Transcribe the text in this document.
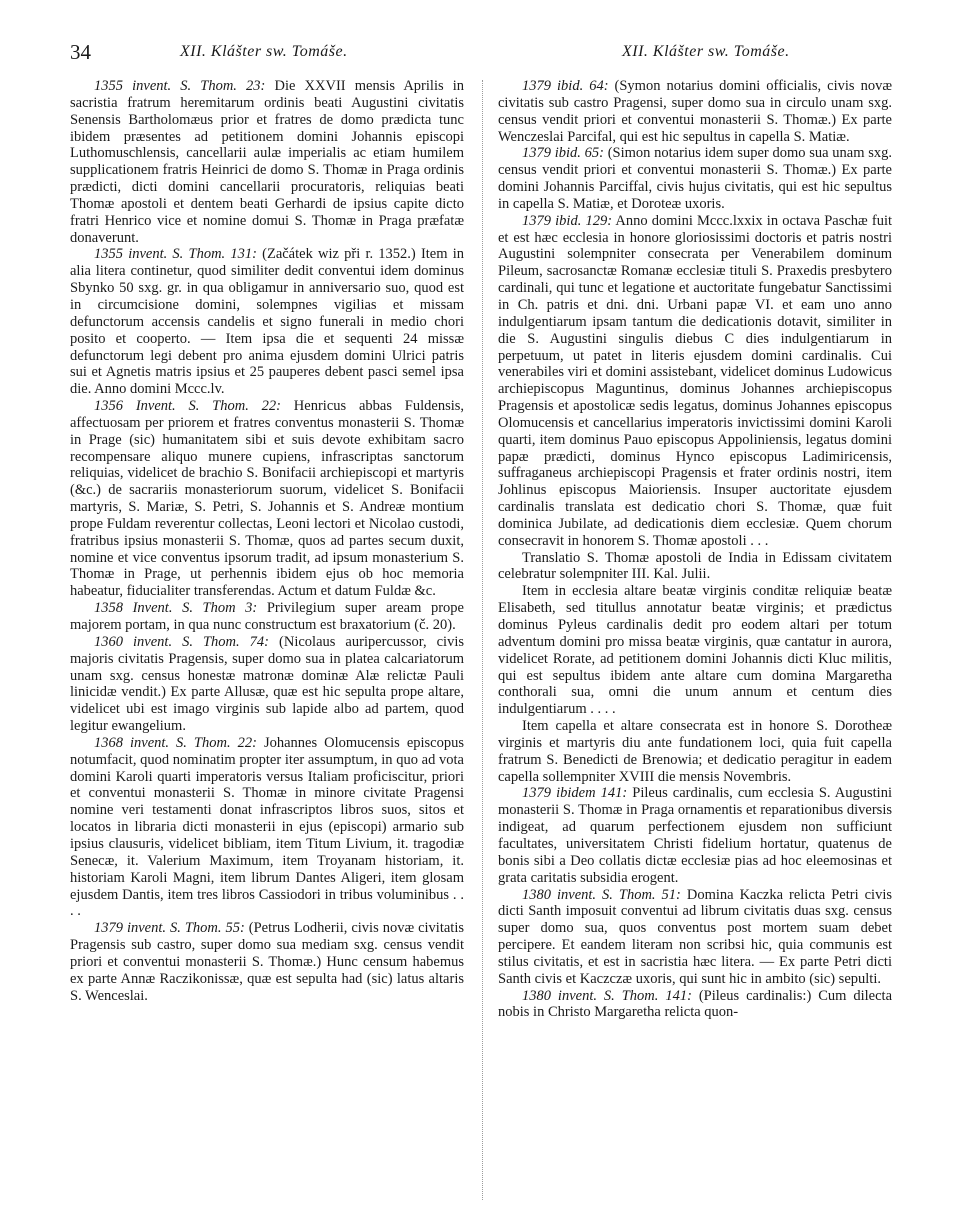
34	XII. Klášter sw. Tomáše.	XII. Klášter sw. Tomáše.

1355 invent. S. Thom. 23: Die XXVII mensis Aprilis in sacristia fratrum heremitarum ordinis beati Augustini civitatis Senensis Bartholomæus prior et fratres de domo prædicta tunc ibidem præsentes ad petitionem domini Johannis episcopi Luthomuschlensis, cancellarii aulæ imperialis ac etiam humilem supplicationem fratris Heinrici de domo S. Thomæ in Praga ordinis prædicti, dicti domini cancellarii procuratoris, reliquias beati Thomæ apostoli et dentem beati Gerhardi de ipsius capite dicto fratri Henrico vice et nomine domui S. Thomæ in Praga præfatæ donaverunt.

1355 invent. S. Thom. 131: (Začátek wiz při r. 1352.) Item in alia litera continetur, quod similiter dedit conventui idem dominus Sbynko 50 sxg. gr. in qua obligamur in anniversario suo, quod est in circumcisione domini, solempnes vigilias et missam defunctorum accensis candelis et signo funerali in medio chori posito et cooperto. — Item ipsa die et sequenti 24 missæ defunctorum legi debent pro anima ejusdem domini Ulrici patris sui et Agnetis matris ipsius et 25 pauperes debent pasci semel ipsa die. Anno domini Mccc.lv.

1356 Invent. S. Thom. 22: Henricus abbas Fuldensis, affectuosam per priorem et fratres conventus monasterii S. Thomæ in Prage (sic) humanitatem sibi et suis devote exhibitam sacro recompensare aliquo munere cupiens, infrascriptas sanctorum reliquias, videlicet de brachio S. Bonifacii archiepiscopi et martyris (&c.) de sacrariis monasteriorum suorum, videlicet S. Bonifacii martyris, S. Mariæ, S. Petri, S. Johannis et S. Andreæ montium prope Fuldam reverentur collectas, Leoni lectori et Nicolao custodi, fratribus ipsius monasterii S. Thomæ, quos ad partes secum duxit, nomine et vice conventus ipsorum tradit, ad ipsum monasterium S. Thomæ in Prage, ut perhennis ibidem ejus ob hoc memoria habeatur, fiducialiter transferendas. Actum et datum Fuldæ &c.

1358 Invent. S. Thom 3: Privilegium super aream prope majorem portam, in qua nunc constructum est braxatorium (č. 20).

1360 invent. S. Thom. 74: (Nicolaus auripercussor, civis majoris civitatis Pragensis, super domo sua in platea calcariatorum unam sxg. census honestæ matronæ dominæ Alæ relictæ Pauli linicidæ vendit.) Ex parte Allusæ, quæ est hic sepulta prope altare, videlicet ubi est imago virginis sub lapide albo ad partem, quod legitur ewangelium.

1368 invent. S. Thom. 22: Johannes Olomucensis episcopus notumfacit, quod nominatim propter iter assumptum, in quo ad vota domini Karoli quarti imperatoris versus Italiam proficiscitur, priori et conventui monasterii S. Thomæ in minore civitate Pragensi nomine veri testamenti donat infrascriptos libros suos, sitos et locatos in libraria dicti monasterii in ejus (episcopi) armario sub ipsius clausuris, videlicet bibliam, item Titum Livium, it. tragodiæ Senecæ, it. Valerium Maximum, item Troyanam historiam, it. historiam Karoli Magni, item librum Dantes Aligeri, item glosam ejusdem Dantis, item tres libros Cassiodori in tribus voluminibus . . . .

1379 invent. S. Thom. 55: (Petrus Lodherii, civis novæ civitatis Pragensis sub castro, super domo sua mediam sxg. census vendit priori et conventui monasterii S. Thomæ.) Hunc censum habemus ex parte Annæ Raczikonissæ, quæ est sepulta had (sic) latus altaris S. Wenceslai.

1379 ibid. 64: (Symon notarius domini officialis, civis novæ civitatis sub castro Pragensi, super domo sua in circulo unam sxg. census vendit priori et conventui monasterii S. Thomæ.) Ex parte Wenczeslai Parcifal, qui est hic sepultus in capella S. Matiæ.

1379 ibid. 65: (Simon notarius idem super domo sua unam sxg. census vendit priori et conventui monasterii S. Thomæ.) Ex parte domini Johannis Parciffal, civis hujus civitatis, qui est hic sepultus in capella S. Matiæ, et Doroteæ uxoris.

1379 ibid. 129: Anno domini Mccc.lxxix in octava Paschæ fuit et est hæc ecclesia in honore gloriosissimi doctoris et patris nostri Augustini solempniter consecrata per Venerabilem dominum Pileum, sacrosanctæ Romanæ ecclesiæ tituli S. Praxedis presbytero cardinali, qui tunc et legatione et auctoritate fungebatur Sanctissimi in Ch. patris et dni. dni. Urbani papæ VI. et eam uno anno indulgentiarum ipsam tantum die dedicationis dotavit, similiter in die S. Augustini singulis diebus C dies indulgentiarum in perpetuum, ut patet in literis ejusdem domini cardinalis. Cui venerabiles viri et domini assistebant, videlicet dominus Ludowicus archiepiscopus Maguntinus, dominus Johannes archiepiscopus Pragensis et apostolicæ sedis legatus, dominus Johannes episcopus Olomucensis et cancellarius imperatoris invictissimi domini Karoli quarti, item dominus Pauo episcopus Appoliniensis, legatus domini papæ prædicti, dominus Hynco episcopus Ladimiricensis, suffraganeus archiepiscopi Pragensis et frater ordinis nostri, item Johlinus episcopus Maioriensis. Insuper auctoritate ejusdem cardinalis translata est dedicatio chori S. Thomæ, quæ fuit dominica Jubilate, ad dedicationis diem ecclesiæ. Quem chorum consecravit in honorem S. Thomæ apostoli . . .

Translatio S. Thomæ apostoli de India in Edissam civitatem celebratur solempniter III. Kal. Julii.

Item in ecclesia altare beatæ virginis conditæ reliquiæ beatæ Elisabeth, sed titullus annotatur beatæ virginis; et prædictus dominus Pyleus cardinalis dedit pro eodem altari per totum adventum domini pro missa beatæ virginis, quæ cantatur in aurora, videlicet Rorate, ad petitionem domini Johannis dicti Kluc militis, qui est sepultus ibidem ante altare cum domina Margaretha conthorali sua, omni die unum annum et centum dies indulgentiarum . . . .

Item capella et altare consecrata est in honore S. Dorotheæ virginis et martyris diu ante fundationem loci, quia fuit capella fratrum S. Benedicti de Brenowia; et dedicatio peragitur in eadem capella sollempniter XVIII die mensis Novembris.

1379 ibidem 141: Pileus cardinalis, cum ecclesia S. Augustini monasterii S. Thomæ in Praga ornamentis et reparationibus diversis indigeat, ad quarum perfectionem ejusdem non sufficiunt facultates, universitatem Christi fidelium hortatur, quatenus de bonis sibi a Deo collatis dictæ ecclesiæ pias ad hoc eleemosinas et grata caritatis subsidia erogent.

1380 invent. S. Thom. 51: Domina Kaczka relicta Petri civis dicti Santh imposuit conventui ad librum civitatis duas sxg. census super domo sua, quos conventus post mortem suam debet percipere. Et eandem literam non scribsi hic, quia communis est stilus civitatis, et est in sacristia hæc litera. — Ex parte Petri dicti Santh civis et Kaczczæ uxoris, qui sunt hic in ambito (sic) sepulti.

1380 invent. S. Thom. 141: (Pileus cardinalis:) Cum dilecta nobis in Christo Margaretha relicta quon-
